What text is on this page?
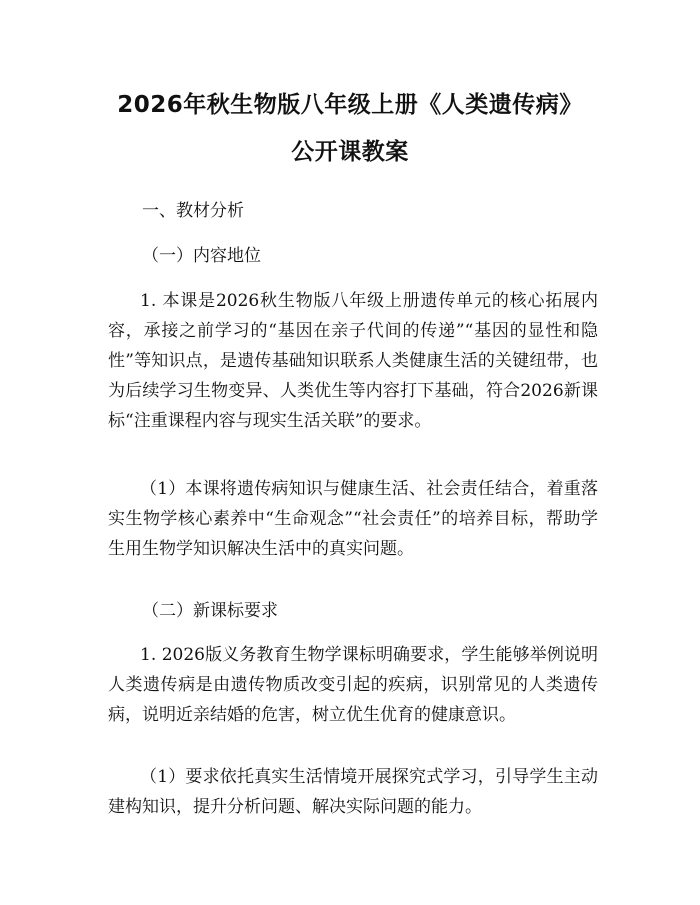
2026年秋生物版八年级上册《人类遗传病》
公开课教案
一、教材分析
（一）内容地位
1. 本课是2026秋生物版八年级上册遗传单元的核心拓展内容，承接之前学习的“基因在亲子代间的传递”“基因的显性和隐性”等知识点，是遗传基础知识联系人类健康生活的关键纽带，也为后续学习生物变异、人类优生等内容打下基础，符合2026新课标“注重课程内容与现实生活关联”的要求。
（1）本课将遗传病知识与健康生活、社会责任结合，着重落实生物学核心素养中“生命观念”“社会责任”的培养目标，帮助学生用生物学知识解决生活中的真实问题。
（二）新课标要求
1. 2026版义务教育生物学课标明确要求，学生能够举例说明人类遗传病是由遗传物质改变引起的疾病，识别常见的人类遗传病，说明近亲结婚的危害，树立优生优育的健康意识。
（1）要求依托真实生活情境开展探究式学习，引导学生主动建构知识，提升分析问题、解决实际问题的能力。
